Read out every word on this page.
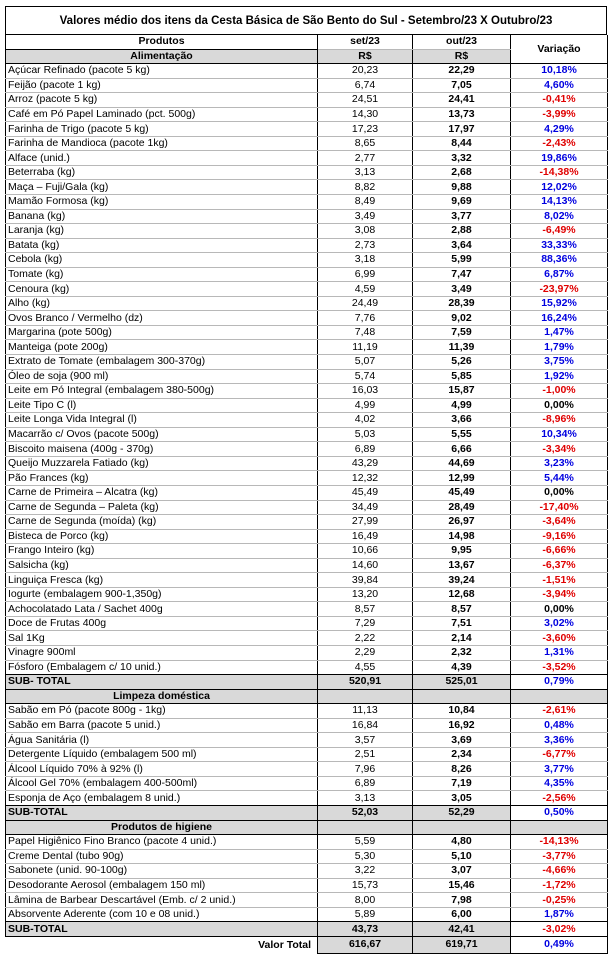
Valores médio dos itens da Cesta Básica de São Bento do Sul - Setembro/23 X Outubro/23
Produtos	set/23	out/23	Variação
Alimentação	R$	R$	
Açúcar Refinado (pacote 5 kg)	20,23	22,29	10,18%
Feijão (pacote 1 kg)	6,74	7,05	4,60%
Arroz (pacote 5 kg)	24,51	24,41	-0,41%
Café em Pó Papel Laminado (pct. 500g)	14,30	13,73	-3,99%
Farinha de Trigo (pacote 5 kg)	17,23	17,97	4,29%
Farinha de Mandioca (pacote 1kg)	8,65	8,44	-2,43%
Alface (unid.)	2,77	3,32	19,86%
Beterraba (kg)	3,13	2,68	-14,38%
Maça – Fuji/Gala (kg)	8,82	9,88	12,02%
Mamão Formosa (kg)	8,49	9,69	14,13%
Banana (kg)	3,49	3,77	8,02%
Laranja (kg)	3,08	2,88	-6,49%
Batata (kg)	2,73	3,64	33,33%
Cebola (kg)	3,18	5,99	88,36%
Tomate (kg)	6,99	7,47	6,87%
Cenoura (kg)	4,59	3,49	-23,97%
Alho (kg)	24,49	28,39	15,92%
Ovos Branco / Vermelho (dz)	7,76	9,02	16,24%
Margarina (pote 500g)	7,48	7,59	1,47%
Manteiga (pote 200g)	11,19	11,39	1,79%
Extrato de Tomate (embalagem 300-370g)	5,07	5,26	3,75%
Óleo de soja (900 ml)	5,74	5,85	1,92%
Leite em Pó Integral (embalagem 380-500g)	16,03	15,87	-1,00%
Leite Tipo C (l)	4,99	4,99	0,00%
Leite Longa Vida Integral (l)	4,02	3,66	-8,96%
Macarrão c/ Ovos (pacote 500g)	5,03	5,55	10,34%
Biscoito maisena (400g - 370g)	6,89	6,66	-3,34%
Queijo Muzzarela Fatiado (kg)	43,29	44,69	3,23%
Pão Frances (kg)	12,32	12,99	5,44%
Carne de Primeira – Alcatra (kg)	45,49	45,49	0,00%
Carne de Segunda – Paleta (kg)	34,49	28,49	-17,40%
Carne de Segunda (moída) (kg)	27,99	26,97	-3,64%
Bisteca de Porco (kg)	16,49	14,98	-9,16%
Frango Inteiro (kg)	10,66	9,95	-6,66%
Salsicha (kg)	14,60	13,67	-6,37%
Linguiça Fresca (kg)	39,84	39,24	-1,51%
Iogurte (embalagem 900-1,350g)	13,20	12,68	-3,94%
Achocolatado Lata / Sachet 400g	8,57	8,57	0,00%
Doce de Frutas 400g	7,29	7,51	3,02%
Sal 1Kg	2,22	2,14	-3,60%
Vinagre 900ml	2,29	2,32	1,31%
Fósforo (Embalagem c/ 10 unid.)	4,55	4,39	-3,52%
SUB- TOTAL	520,91	525,01	0,79%
Limpeza doméstica			
Sabão em Pó (pacote 800g - 1kg)	11,13	10,84	-2,61%
Sabão em Barra (pacote 5 unid.)	16,84	16,92	0,48%
Água Sanitária (l)	3,57	3,69	3,36%
Detergente Líquido (embalagem 500 ml)	2,51	2,34	-6,77%
Álcool Líquido 70% à 92% (l)	7,96	8,26	3,77%
Álcool Gel 70% (embalagem 400-500ml)	6,89	7,19	4,35%
Esponja de Aço (embalagem 8 unid.)	3,13	3,05	-2,56%
SUB-TOTAL	52,03	52,29	0,50%
Produtos de higiene			
Papel Higiênico Fino Branco (pacote 4 unid.)	5,59	4,80	-14,13%
Creme Dental (tubo 90g)	5,30	5,10	-3,77%
Sabonete (unid. 90-100g)	3,22	3,07	-4,66%
Desodorante Aerosol (embalagem 150 ml)	15,73	15,46	-1,72%
Lâmina de Barbear Descartável (Emb. c/ 2 unid.)	8,00	7,98	-0,25%
Absorvente Aderente (com 10 e 08 unid.)	5,89	6,00	1,87%
SUB-TOTAL	43,73	42,41	-3,02%
Valor Total	616,67	619,71	0,49%
